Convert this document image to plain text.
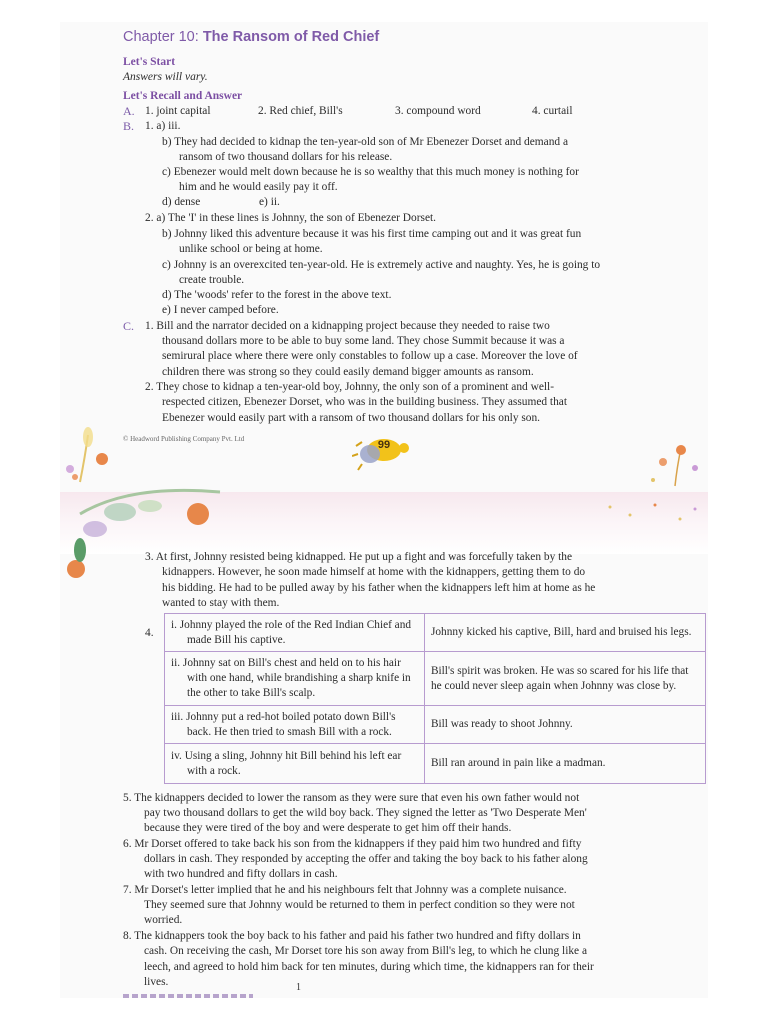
Chapter 10: The Ransom of Red Chief
Let's Start
Answers will vary.
Let's Recall and Answer
A. 1. joint capital	2. Red chief, Bill's	3. compound word	4. curtail
B. 1. a) iii.
b) They had decided to kidnap the ten-year-old son of Mr Ebenezer Dorset and demand a
ransom of two thousand dollars for his release.
c) Ebenezer would melt down because he is so wealthy that this much money is nothing for
him and he would easily pay it off.
d) dense	e) ii.
2. a) The 'I' in these lines is Johnny, the son of Ebenezer Dorset.
b) Johnny liked this adventure because it was his first time camping out and it was great fun
unlike school or being at home.
c) Johnny is an overexcited ten-year-old. He is extremely active and naughty. Yes, he is going to
create trouble.
d) The 'woods' refer to the forest in the above text.
e) I never camped before.
C. 1. Bill and the narrator decided on a kidnapping project because they needed to raise two
thousand dollars more to be able to buy some land. They chose Summit because it was a
semirural place where there were only constables to follow up a case. Moreover the love of
children there was strong so they could easily demand bigger amounts as ransom.
2. They chose to kidnap a ten-year-old boy, Johnny, the only son of a prominent and well-
respected citizen, Ebenezer Dorset, who was in the building business. They assumed that
Ebenezer would easily part with a ransom of two thousand dollars for his only son.
© Headword Publishing Company Pvt. Ltd	99
3. At first, Johnny resisted being kidnapped. He put up a fight and was forcefully taken by the
kidnappers. However, he soon made himself at home with the kidnappers, getting them to do
his bidding. He had to be pulled away by his father when the kidnappers left him at home as he
wanted to stay with them.
4.
i. Johnny played the role of the Red Indian Chief and made Bill his captive.	Johnny kicked his captive, Bill, hard and bruised his legs.

ii. Johnny sat on Bill's chest and held on to his hair with one hand, while brandishing a sharp knife in the other to take Bill's scalp.	Bill's spirit was broken. He was so scared for his life that he could never sleep again when Johnny was close by.

iii. Johnny put a red-hot boiled potato down Bill's back. He then tried to smash Bill with a rock.	Bill was ready to shoot Johnny.

iv. Using a sling, Johnny hit Bill behind his left ear with a rock.	Bill ran around in pain like a madman.
5. The kidnappers decided to lower the ransom as they were sure that even his own father would not
pay two thousand dollars to get the wild boy back. They signed the letter as 'Two Desperate Men'
because they were tired of the boy and were desperate to get him off their hands.
6. Mr Dorset offered to take back his son from the kidnappers if they paid him two hundred and fifty
dollars in cash. They responded by accepting the offer and taking the boy back to his father along
with two hundred and fifty dollars in cash.
7. Mr Dorset's letter implied that he and his neighbours felt that Johnny was a complete nuisance.
They seemed sure that Johnny would be returned to them in perfect condition so they were not
worried.
8. The kidnappers took the boy back to his father and paid his father two hundred and fifty dollars in
cash. On receiving the cash, Mr Dorset tore his son away from Bill's leg, to which he clung like a
leech, and agreed to hold him back for ten minutes, during which time, the kidnappers ran for their
lives.	1
